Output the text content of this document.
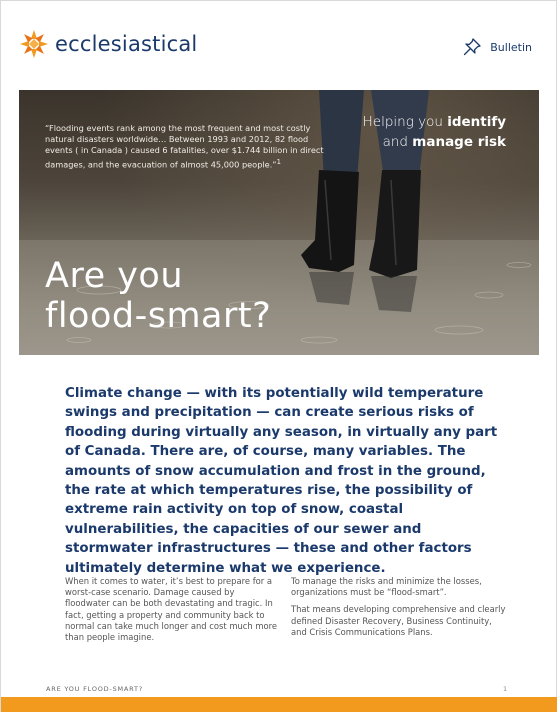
ecclesiastical	Bulletin
“Flooding events rank among the most frequent and most costly natural disasters worldwide… Between 1993 and 2012, 82 flood events ( in Canada ) caused 6 fatalities, over $1.744 billion in direct damages, and the evacuation of almost 45,000 people.”$^1$
Helping you identify
and manage risk
Are you
flood-smart?

Climate change — with its potentially wild temperature swings and precipitation — can create serious risks of flooding during virtually any season, in virtually any part of Canada. There are, of course, many variables. The amounts of snow accumulation and frost in the ground, the rate at which temperatures rise, the possibility of extreme rain activity on top of snow, coastal vulnerabilities, the capacities of our sewer and stormwater infrastructures — these and other factors ultimately determine what we experience.

When it comes to water, it’s best to prepare for a worst-case scenario. Damage caused by floodwater can be both devastating and tragic. In fact, getting a property and community back to normal can take much longer and cost much more than people imagine.

To manage the risks and minimize the losses, organizations must be “flood-smart”.

That means developing comprehensive and clearly defined Disaster Recovery, Business Continuity, and Crisis Communications Plans.

ARE YOU FLOOD-SMART?	1
